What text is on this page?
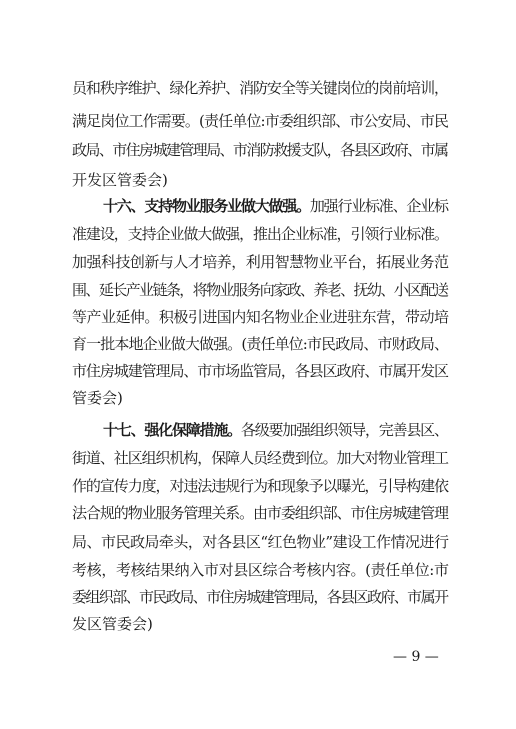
员和秩序维护、绿化养护、消防安全等关键岗位的岗前培训，
满足岗位工作需要。(责任单位:市委组织部、市公安局、市民
政局、市住房城建管理局、市消防救援支队，各县区政府、市属
开发区管委会)
十六、支持物业服务业做大做强。加强行业标准、企业标
准建设，支持企业做大做强，推出企业标准，引领行业标准。
加强科技创新与人才培养，利用智慧物业平台，拓展业务范
围、延长产业链条，将物业服务向家政、养老、抚幼、小区配送
等产业延伸。积极引进国内知名物业企业进驻东营，带动培
育一批本地企业做大做强。(责任单位:市民政局、市财政局、
市住房城建管理局、市市场监管局，各县区政府、市属开发区
管委会)
十七、强化保障措施。各级要加强组织领导，完善县区、
街道、社区组织机构，保障人员经费到位。加大对物业管理工
作的宣传力度，对违法违规行为和现象予以曝光，引导构建依
法合规的物业服务管理关系。由市委组织部、市住房城建管理
局、市民政局牵头，对各县区“红色物业”建设工作情况进行
考核，考核结果纳入市对县区综合考核内容。(责任单位:市
委组织部、市民政局、市住房城建管理局，各县区政府、市属开
发区管委会)
— 9 —
